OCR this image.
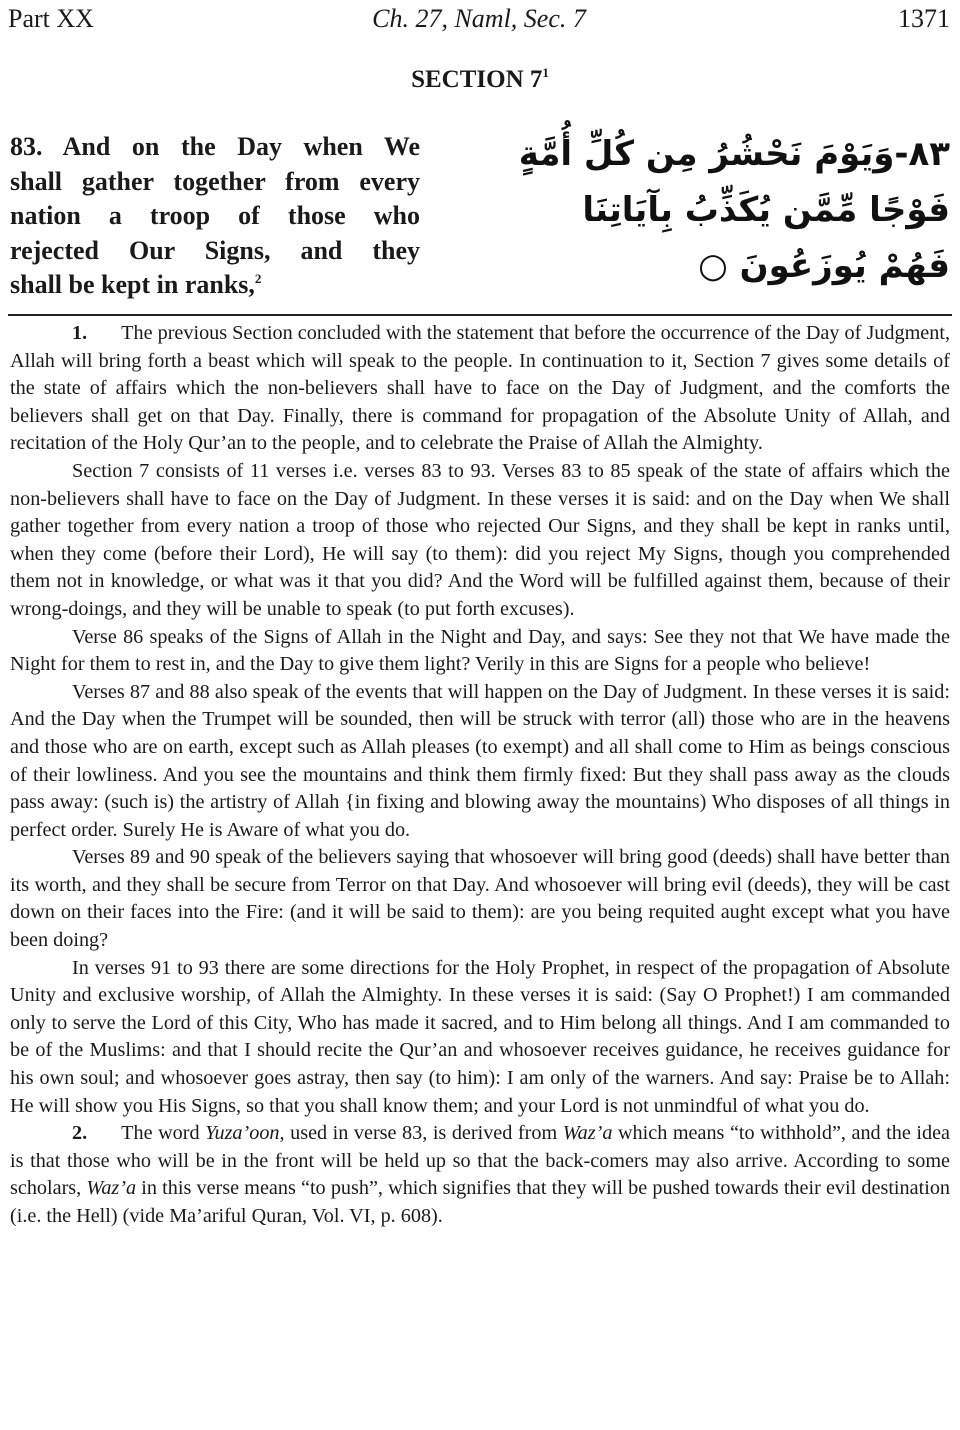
Part XX	Ch. 27, Naml, Sec. 7	1371
SECTION $7^1$
83. And on the Day when We
shall gather together from every
nation a troop of those who
rejected Our Signs, and they
shall be kept in ranks,$^2$
٨٣-وَيَوْمَ نَحْشُرُ مِن كُلِّ أُمَّةٍ
فَوْجًا مِّمَّن يُكَذِّبُ بِآيَاتِنَا
فَهُمْ يُوزَعُونَ ○

1. The previous Section concluded with the statement that before the occurrence of the Day of Judgment, Allah will bring forth a beast which will speak to the people. In continuation to it, Section 7 gives some details of the state of affairs which the non-believers shall have to face on the Day of Judgment, and the comforts the believers shall get on that Day. Finally, there is command for propagation of the Absolute Unity of Allah, and recitation of the Holy Qur’an to the people, and to celebrate the Praise of Allah the Almighty.

Section 7 consists of 11 verses i.e. verses 83 to 93. Verses 83 to 85 speak of the state of affairs which the non-believers shall have to face on the Day of Judgment. In these verses it is said: and on the Day when We shall gather together from every nation a troop of those who rejected Our Signs, and they shall be kept in ranks until, when they come (before their Lord), He will say (to them): did you reject My Signs, though you comprehended them not in knowledge, or what was it that you did? And the Word will be fulfilled against them, because of their wrong-doings, and they will be unable to speak (to put forth excuses).

Verse 86 speaks of the Signs of Allah in the Night and Day, and says: See they not that We have made the Night for them to rest in, and the Day to give them light? Verily in this are Signs for a people who believe!

Verses 87 and 88 also speak of the events that will happen on the Day of Judgment. In these verses it is said: And the Day when the Trumpet will be sounded, then will be struck with terror (all) those who are in the heavens and those who are on earth, except such as Allah pleases (to exempt) and all shall come to Him as beings conscious of their lowliness. And you see the mountains and think them firmly fixed: But they shall pass away as the clouds pass away: (such is) the artistry of Allah {in fixing and blowing away the mountains) Who disposes of all things in perfect order. Surely He is Aware of what you do.

Verses 89 and 90 speak of the believers saying that whosoever will bring good (deeds) shall have better than its worth, and they shall be secure from Terror on that Day. And whosoever will bring evil (deeds), they will be cast down on their faces into the Fire: (and it will be said to them): are you being requited aught except what you have been doing?

In verses 91 to 93 there are some directions for the Holy Prophet, in respect of the propagation of Absolute Unity and exclusive worship, of Allah the Almighty. In these verses it is said: (Say O Prophet!) I am commanded only to serve the Lord of this City, Who has made it sacred, and to Him belong all things. And I am commanded to be of the Muslims: and that I should recite the Qur’an and whosoever receives guidance, he receives guidance for his own soul; and whosoever goes astray, then say (to him): I am only of the warners. And say: Praise be to Allah: He will show you His Signs, so that you shall know them; and your Lord is not unmindful of what you do.

2. The word Yuza’oon, used in verse 83, is derived from Waz’a which means “to withhold”, and the idea is that those who will be in the front will be held up so that the back-comers may also arrive. According to some scholars, Waz’a in this verse means “to push”, which signifies that they will be pushed towards their evil destination (i.e. the Hell) (vide Ma’ariful Quran, Vol. VI, p. 608).
